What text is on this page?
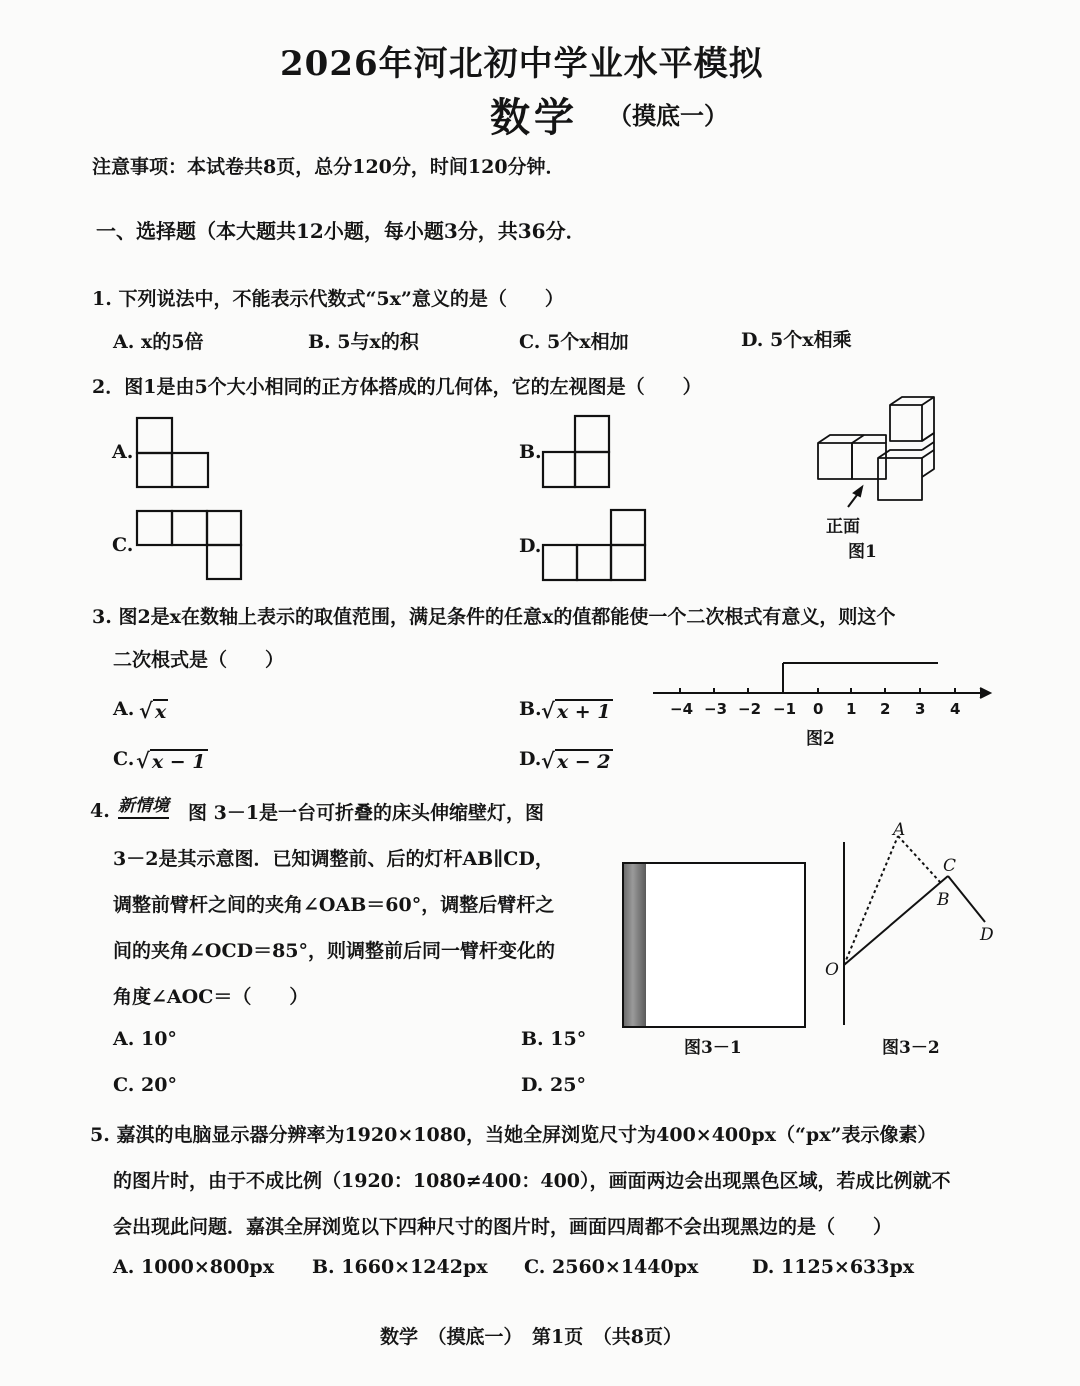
2026年河北初中学业水平模拟
数学 （摸底一）
注意事项：本试卷共8页，总分120分，时间120分钟．
一、选择题（本大题共12小题，每小题3分，共36分．
1. 下列说法中，不能表示代数式“5x”意义的是（　　）
A. x的5倍	B. 5与x的积	C. 5个x相加	D. 5个x相乘
2．图1是由5个大小相同的正方体搭成的几何体，它的左视图是（　　）
A.	B.
C.	D.
正面
图1
3. 图2是x在数轴上表示的取值范围，满足条件的任意x的值都能使一个二次根式有意义，则这个
二次根式是（　　）
A. √ x	B. √ x + 1
C. √ x − 1	D. √ x − 2
−4 −3 −2 −1 0 1 2 3 4
图2
4. 新情境 图 3－1是一台可折叠的床头伸缩壁灯，图
3－2是其示意图．已知调整前、后的灯杆AB∥CD，
调整前臂杆之间的夹角∠OAB＝60°，调整后臂杆之
间的夹角∠OCD＝85°，则调整前后同一臂杆变化的
角度∠AOC＝（　　）
A. 10°	B. 15°
C. 20°	D. 25°
图3－1
A
B
C
D
O
图3－2
5. 嘉淇的电脑显示器分辨率为1920×1080，当她全屏浏览尺寸为400×400px（“px”表示像素）
的图片时，由于不成比例（1920：1080≠400：400），画面两边会出现黑色区域，若成比例就不
会出现此问题．嘉淇全屏浏览以下四种尺寸的图片时，画面四周都不会出现黑边的是（　　）
A. 1000×800px B. 1660×1242px C. 2560×1440px	D. 1125×633px
数学　（摸底一）　第1页　（共8页）
